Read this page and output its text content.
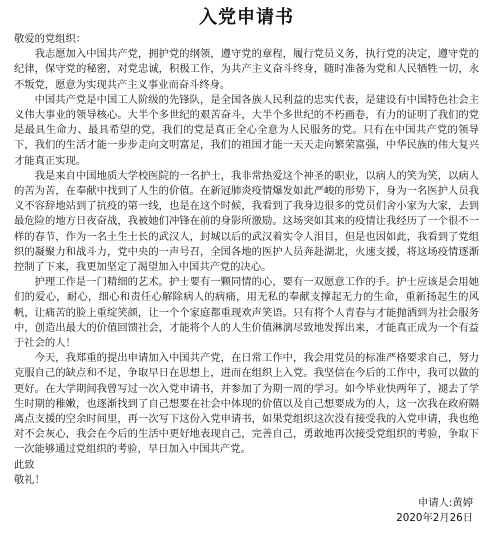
入党申请书

敬爱的党组织：

我志愿加入中国共产党，拥护党的纲领，遵守党的章程，履行党员义务，执行党的决定，遵守党的纪律，保守党的秘密，对党忠诚，积极工作，为共产主义奋斗终身，随时准备为党和人民牺牲一切，永不叛党，愿意为实现共产主义事业而奋斗终身。

中国共产党是中国工人阶级的先锋队，是全国各族人民利益的忠实代表，是建设有中国特色社会主义伟大事业的领导核心。大半个多世纪的艰苦奋斗，大半个多世纪的不朽画卷，有力的证明了我们的党是最具生命力、最具希望的党，我们的党是真正全心全意为人民服务的党。只有在中国共产党的领导下，我们的生活才能一步步走向文明富足，我们的祖国才能一天天走向繁荣富强，中华民族的伟大复兴才能真正实现。

我是来自中国地质大学校医院的一名护士，我非常热爱这个神圣的职业，以病人的笑为笑，以病人的苦为苦，在奉献中找到了人生的价值。在新冠肺炎疫情爆发如此严峻的形势下，身为一名医护人员我义不容辞地站到了抗疫的第一线，也是在这个时候，我看到了我身边很多的党员们舍小家为大家，去到最危险的地方日夜奋战，我被她们冲锋在前的身影所激励。这场突如其来的疫情让我经历了一个很不一样的春节，作为一名土生土长的武汉人，封城以后的武汉着实令人泪目，但是也因如此，我看到了党组织的凝聚力和战斗力，党中央的一声号召，全国各地的医护人员奔赴湖北，火速支援，将这场疫情逐渐控制了下来，我更加坚定了渴望加入中国共产党的决心。

护理工作是一门精细的艺术。护士要有一颗同情的心，要有一双愿意工作的手。护士应该是会用她们的爱心，耐心，细心和责任心解除病人的病痛，用无私的奉献支撑起无力的生命，重新扬起生的风帆，让痛苦的脸上重绽笑颜，让一个个家庭都重现欢声笑语。只有将个人青春与才能抛洒到为社会服务中，创造出最大的价值回馈社会，才能将个人的人生价值淋漓尽致地发挥出来，才能真正成为一个有益于社会的人！

今天，我郑重的提出申请加入中国共产党，在日常工作中，我会用党员的标准严格要求自己，努力克服自己的缺点和不足，争取早日在思想上，进而在组织上入党。我坚信在今后的工作中，我可以做的更好。在大学期间我曾写过一次入党申请书，并参加了为期一周的学习。如今毕业快两年了，褪去了学生时期的稚嫩，也逐渐找到了自己想要在社会中体现的价值以及自己想要成为的人，这一次我在政府隔离点支援的空余时间里，再一次写下这份入党申请书，如果党组织这次没有接受我的入党申请，我也绝对不会灰心，我会在今后的生活中更好地表现自己，完善自己，勇敢地再次接受党组织的考验，争取下一次能够通过党组织的考验，早日加入中国共产党。

此致

敬礼！

申请人:黄婷

2020年2月26日
